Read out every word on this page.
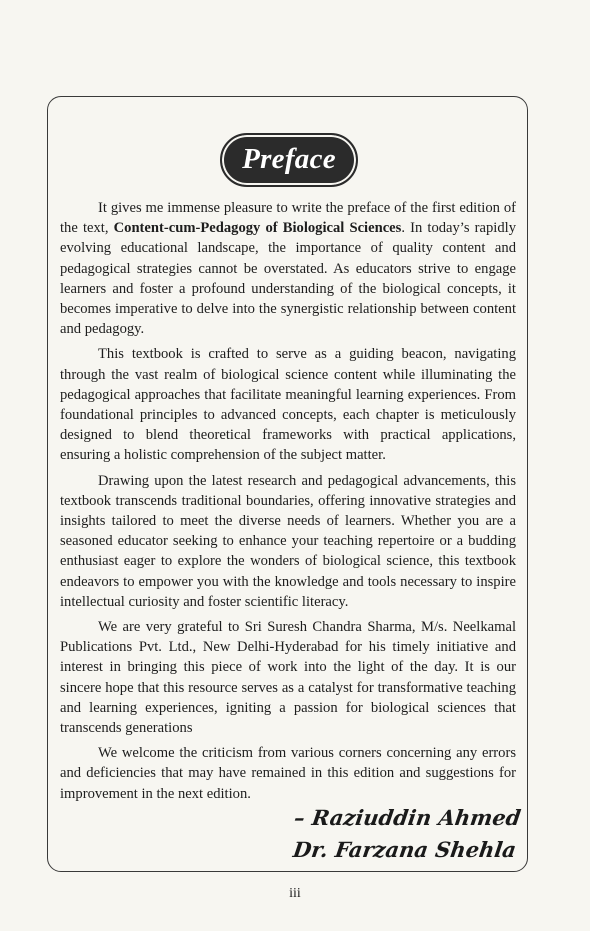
Preface

It gives me immense pleasure to write the preface of the first edition of the text, Content-cum-Pedagogy of Biological Sciences. In today’s rapidly evolving educational landscape, the importance of quality content and pedagogical strategies cannot be overstated. As educators strive to engage learners and foster a profound understanding of the biological concepts, it becomes imperative to delve into the synergistic relationship between content and pedagogy.

This textbook is crafted to serve as a guiding beacon, navigating through the vast realm of biological science content while illuminating the pedagogical approaches that facilitate meaningful learning experiences. From foundational principles to advanced concepts, each chapter is meticulously designed to blend theoretical frameworks with practical applications, ensuring a holistic comprehension of the subject matter.

Drawing upon the latest research and pedagogical advancements, this textbook transcends traditional boundaries, offering innovative strategies and insights tailored to meet the diverse needs of learners. Whether you are a seasoned educator seeking to enhance your teaching repertoire or a budding enthusiast eager to explore the wonders of biological science, this textbook endeavors to empower you with the knowledge and tools necessary to inspire intellectual curiosity and foster scientific literacy.

We are very grateful to Sri Suresh Chandra Sharma, M/s. Neelkamal Publications Pvt. Ltd., New Delhi-Hyderabad for his timely initiative and interest in bringing this piece of work into the light of the day. It is our sincere hope that this resource serves as a catalyst for transformative teaching and learning experiences, igniting a passion for biological sciences that transcends generations

We welcome the criticism from various corners concerning any errors and deficiencies that may have remained in this edition and suggestions for improvement in the next edition.

– Raziuddin Ahmed
Dr. Farzana Shehla
iii
